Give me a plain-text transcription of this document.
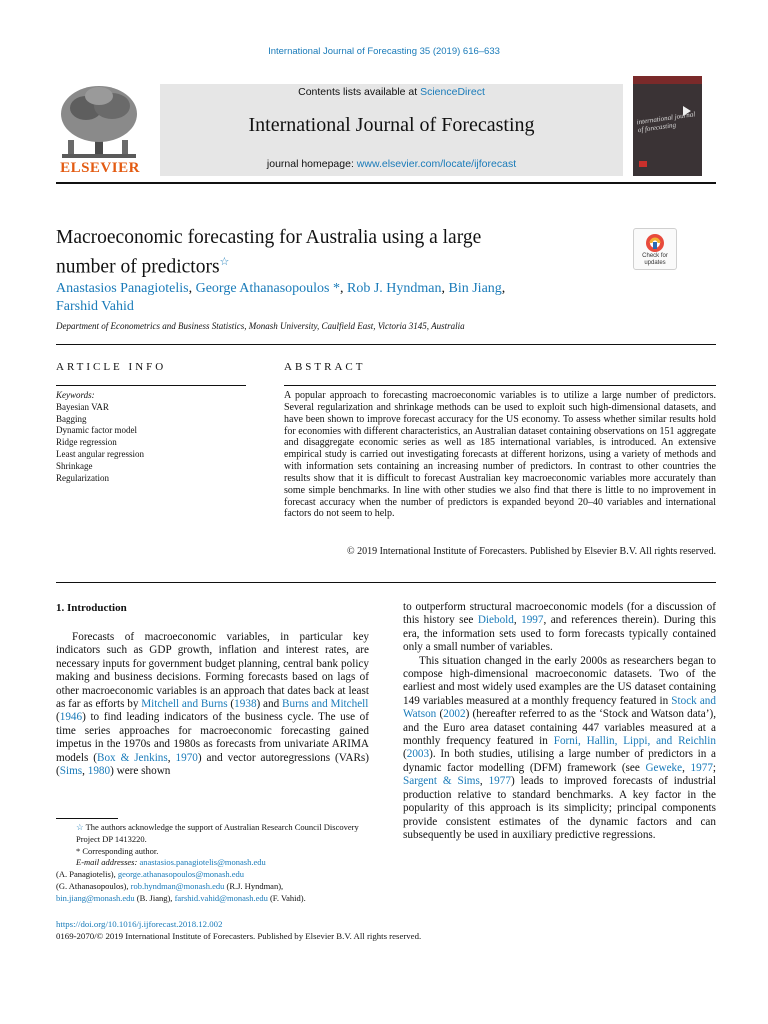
International Journal of Forecasting 35 (2019) 616–633
ELSEVIER
Contents lists available at ScienceDirect
International Journal of Forecasting
journal homepage: www.elsevier.com/locate/ijforecast
international journal of forecasting
Macroeconomic forecasting for Australia using a large
number of predictors☆	Check for updates
Anastasios Panagiotelis, George Athanasopoulos *, Rob J. Hyndman, Bin Jiang,
Farshid Vahid
Department of Econometrics and Business Statistics, Monash University, Caulfield East, Victoria 3145, Australia
ARTICLE INFO	ABSTRACT
Keywords:
Bayesian VAR
Bagging
Dynamic factor model
Ridge regression
Least angular regression
Shrinkage
Regularization
A popular approach to forecasting macroeconomic variables is to utilize a large number of predictors. Several regularization and shrinkage methods can be used to exploit such high-dimensional datasets, and have been shown to improve forecast accuracy for the US economy. To assess whether similar results hold for economies with different characteristics, an Australian dataset containing observations on 151 aggregate and disaggregate economic series as well as 185 international variables, is introduced. An extensive empirical study is carried out investigating forecasts at different horizons, using a variety of methods and with information sets containing an increasing number of predictors. In contrast to other countries the results show that it is difficult to forecast Australian key macroeconomic variables more accurately than some simple benchmarks. In line with other studies we also find that there is little to no improvement in forecast accuracy when the number of predictors is expanded beyond 20–40 variables and international factors do not seem to help.
© 2019 International Institute of Forecasters. Published by Elsevier B.V. All rights reserved.
1. Introduction

Forecasts of macroeconomic variables, in particular key indicators such as GDP growth, inflation and interest rates, are necessary inputs for government budget planning, central bank policy making and business decisions. Forming forecasts based on lags of other macroeconomic variables is an approach that dates back at least as far as efforts by Mitchell and Burns (1938) and Burns and Mitchell
(1946) to find leading indicators of the business cycle. The use of time series approaches for macroeconomic forecasting gained impetus in the 1970s and 1980s as forecasts from univariate ARIMA models (Box & Jenkins, 1970) and vector autoregressions (VARs) (Sims, 1980) were shown

to outperform structural macroeconomic models (for a discussion of this history see Diebold, 1997, and references therein). During this era, the information sets used to form forecasts typically contained only a small number of variables.

This situation changed in the early 2000s as researchers began to compose high-dimensional macroeconomic datasets. Two of the earliest and most widely used examples are the US dataset containing 149 variables measured at a monthly frequency featured in Stock and Watson (2002) (hereafter referred to as the ‘Stock and Watson data’), and the Euro area dataset containing 447 variables measured at a monthly frequency featured in Forni, Hallin, Lippi, and Reichlin (2003). In both studies, utilising a large number of predictors in a dynamic factor modelling (DFM) framework (see Geweke, 1977; Sargent & Sims, 1977) leads to improved forecasts of industrial production relative to standard benchmarks. A key factor in the popularity of this approach is its simplicity; principal components provide consistent estimates of the dynamic factors and can subsequently be used in auxiliary predictive regressions.

☆ The authors acknowledge the support of Australian Research Council Discovery Project DP 1413220.
* Corresponding author.
E-mail addresses: anastasios.panagiotelis@monash.edu
(A. Panagiotelis), george.athanasopoulos@monash.edu
(G. Athanasopoulos), rob.hyndman@monash.edu (R.J. Hyndman),
bin.jiang@monash.edu (B. Jiang), farshid.vahid@monash.edu (F. Vahid).
https://doi.org/10.1016/j.ijforecast.2018.12.002
0169-2070/© 2019 International Institute of Forecasters. Published by Elsevier B.V. All rights reserved.
